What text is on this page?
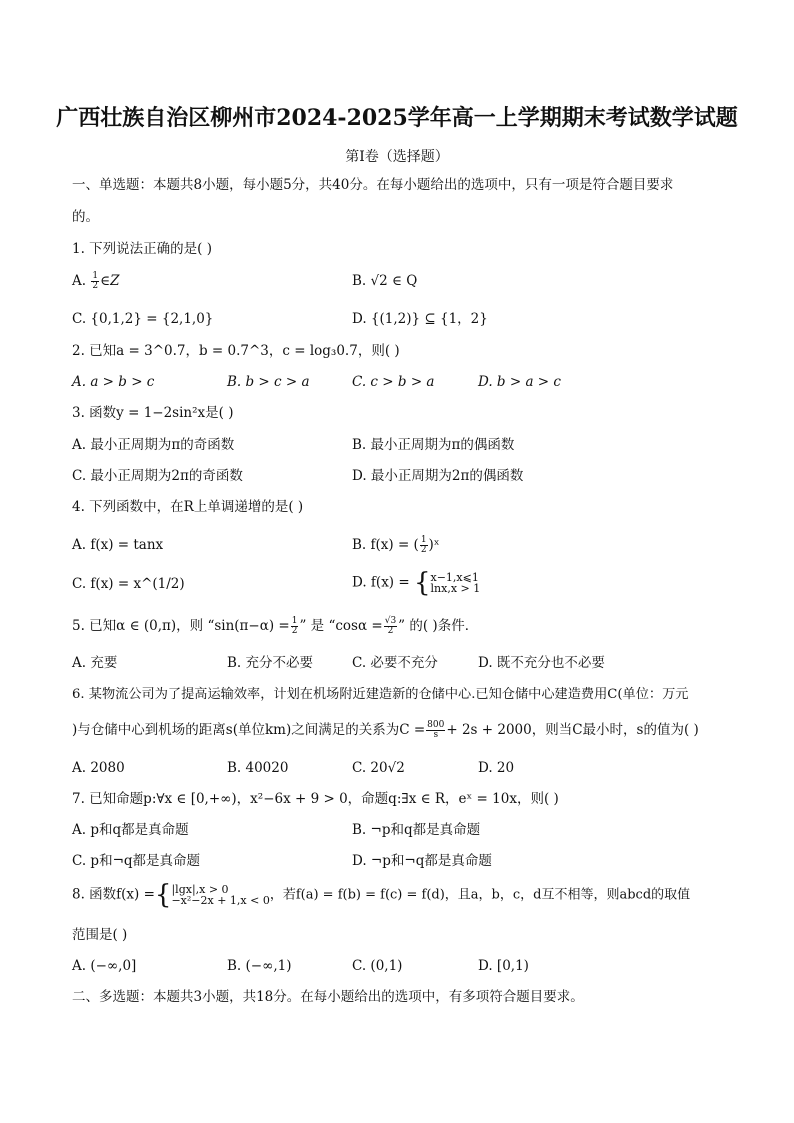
广西壮族自治区柳州市2024-2025学年高一上学期期末考试数学试题
第I卷（选择题）
一、单选题：本题共8小题，每小题5分，共40分。在每小题给出的选项中，只有一项是符合题目要求
的。
1. 下列说法正确的是( )
A. $\frac{1}{2}$ ∈Z	B. √2 ∈ Q
C. {0,1,2} = {2,1,0}	D. {(1,2)} ⊆ {1，2}
2. 已知a = 3^0.7，b = 0.7^3，c = log₃0.7，则( )
A. a > b > c	B. b > c > a	C. c > b > a	D. b > a > c
3. 函数y = 1−2sin²x是( )
A. 最小正周期为π的奇函数	B. 最小正周期为π的偶函数
C. 最小正周期为2π的奇函数	D. 最小正周期为2π的偶函数
4. 下列函数中，在R上单调递增的是( )
A. f(x) = tanx	B. f(x) = ( $\frac{1}{2}$ )ˣ
C. f(x) = x^(1/2)	D. f(x) = { x−1,x⩽1
lnx,x > 1
5. 已知α ∈ (0,π)，则 “$\sin(\pi-\alpha) = \frac{1}{2}$ ” 是 “$\cos\alpha = \frac{√3}{2}$ ” 的( )条件．
A. 充要	B. 充分不必要	C. 必要不充分	D. 既不充分也不必要
6. 某物流公司为了提高运输效率，计划在机场附近建造新的仓储中心.已知仓储中心建造费用C(单位：万元
)与仓储中心到机场的距离s(单位km)之间满足的关系为$C = \frac{800}{s} + 2s + 2000$，则当C最小时，s的值为( )
A. 2080	B. 40020	C. 20√2	D. 20
7. 已知命题p:∀x ∈ [0,+∞)，x²−6x + 9 > 0，命题q:∃x ∈ R，eˣ = 10x，则( )
A. p和q都是真命题	B. ¬p和q都是真命题
C. p和¬q都是真命题	D. ¬p和¬q都是真命题
8. 函数f(x) ={ |lgx|,x > 0
−x²−2x + 1,x < 0 ，若f(a) = f(b) = f(c) = f(d)，且a，b，c，d互不相等，则abcd的取值
范围是( )
A. (−∞,0]	B. (−∞,1)	C. (0,1)	D. [0,1)
二、多选题：本题共3小题，共18分。在每小题给出的选项中，有多项符合题目要求。
